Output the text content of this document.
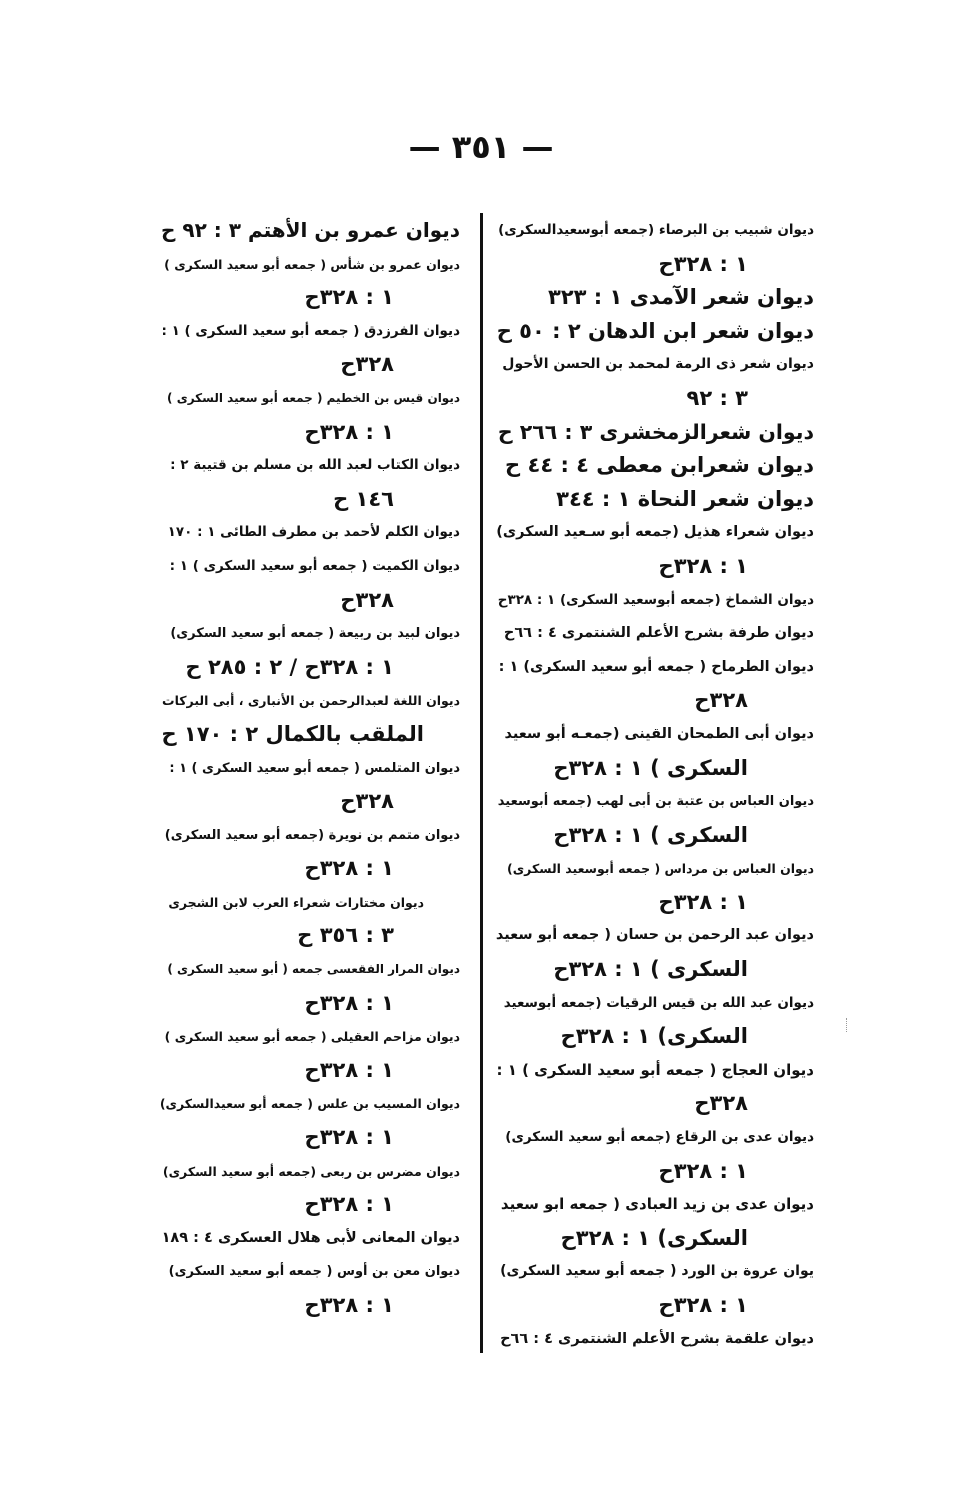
— ٣٥١ —
ديوان شبيب بن البرصاء (جمعه أبوسعيدالسكرى)
١ : ٣٢٨ح
ديوان شعر الآمدى ١ : ٣٢٣
ديوان شعر ابن الدهان ٢ : ٥٠ ح
ديوان شعر ذى الرمة لمحمد بن الحسن الأحول
٣ : ٩٢
ديوان شعرالزمخشرى ٣ : ٢٦٦ ح
ديوان شعرابن معطى ٤ : ٤٤ ح
ديوان شعر النحاة ١ : ٣٤٤
ديوان شعراء هذيل (جمعه أبو سـعيد السكرى)
١ : ٣٢٨ح
ديوان الشماخ (جمعه أبوسعيد السكرى) ١ : ٣٢٨ح
ديوان طرفة بشرح الأعلم الشنتمرى ٤ : ٦٦ح
ديوان الطرماح ( جمعه أبو سعيد السكرى) ١ :
٣٢٨ح
ديوان أبى الطمحان القينى (جمعـه أبو سعيد
السكرى ) ١ : ٣٢٨ح
ديوان العباس بن عتبة بن أبى لهب (جمعه أبوسعيد
السكرى ) ١ : ٣٢٨ح
ديوان العباس بن مرداس ( جمعه أبوسعيد السكرى)
١ : ٣٢٨ح
ديوان عبد الرحمن بن حسان ( جمعه أبو سعيد
السكرى ) ١ : ٣٢٨ح
ديوان عبد الله بن قيس الرقيات (جمعه أبوسعيد
السكرى) ١ : ٣٢٨ح
ديوان العجاج ( جمعه أبو سعيد السكرى ) ١ :
٣٢٨ح
ديوان عدى بن الرقاع (جمعه أبو سعيد السكرى)
١ : ٣٢٨ح
ديوان عدى بن زيد العبادى ( جمعه ابو سعيد
السكرى) ١ : ٣٢٨ح
يوان عروة بن الورد ( جمعه أبو سعيد السكرى)
١ : ٣٢٨ح
ديوان علقمة بشرح الأعلم الشنتمرى ٤ : ٦٦ح
ديوان عمرو بن الأهتم ٣ : ٩٢ ح
ديوان عمرو بن شأس ( جمعه أبو سعيد السكرى )
١ : ٣٢٨ح
ديوان الفرزدق ( جمعه أبو سعيد السكرى ) ١ :
٣٢٨ح
ديوان قيس بن الخطيم ( جمعه أبو سعيد السكرى )
١ : ٣٢٨ح
ديوان الكتاب لعبد الله بن مسلم بن قتيبة ٢ :
١٤٦ ح
ديوان الكلم لأحمد بن مطرف الطائى ١ : ١٧٠
ديوان الكميت ( جمعه أبو سعيد السكرى ) ١ :
٣٢٨ح
ديوان لبيد بن ربيعة ( جمعه أبو سعيد السكرى)
١ : ٣٢٨ح / ٢ : ٢٨٥ ح
ديوان اللغة لعبدالرحمن بن الأنبارى ، أبى البركات
الملقب بالكمال ٢ : ١٧٠ ح
ديوان المتلمس ( جمعه أبو سعيد السكرى ) ١ :
٣٢٨ح
ديوان متمم بن نويرة (جمعه أبو سعيد السكرى)
١ : ٣٢٨ح
ديوان مختارات شعراء العرب لابن الشجرى
٣ : ٣٥٦ ح
ديوان المرار الفقعسى جمعه ( أبو سعيد السكرى )
١ : ٣٢٨ح
ديوان مزاحم العقيلى ( جمعه أبو سعيد السكرى )
١ : ٣٢٨ح
ديوان المسيب بن علس ( جمعه أبو سعيدالسكرى)
١ : ٣٢٨ح
ديوان مضرس بن ربعى (جمعه أبو سعيد السكرى)
١ : ٣٢٨ح
ديوان المعانى لأبى هلال العسكرى ٤ : ١٨٩
ديوان معن بن أوس ( جمعه أبو سعيد السكرى)
١ : ٣٢٨ح
